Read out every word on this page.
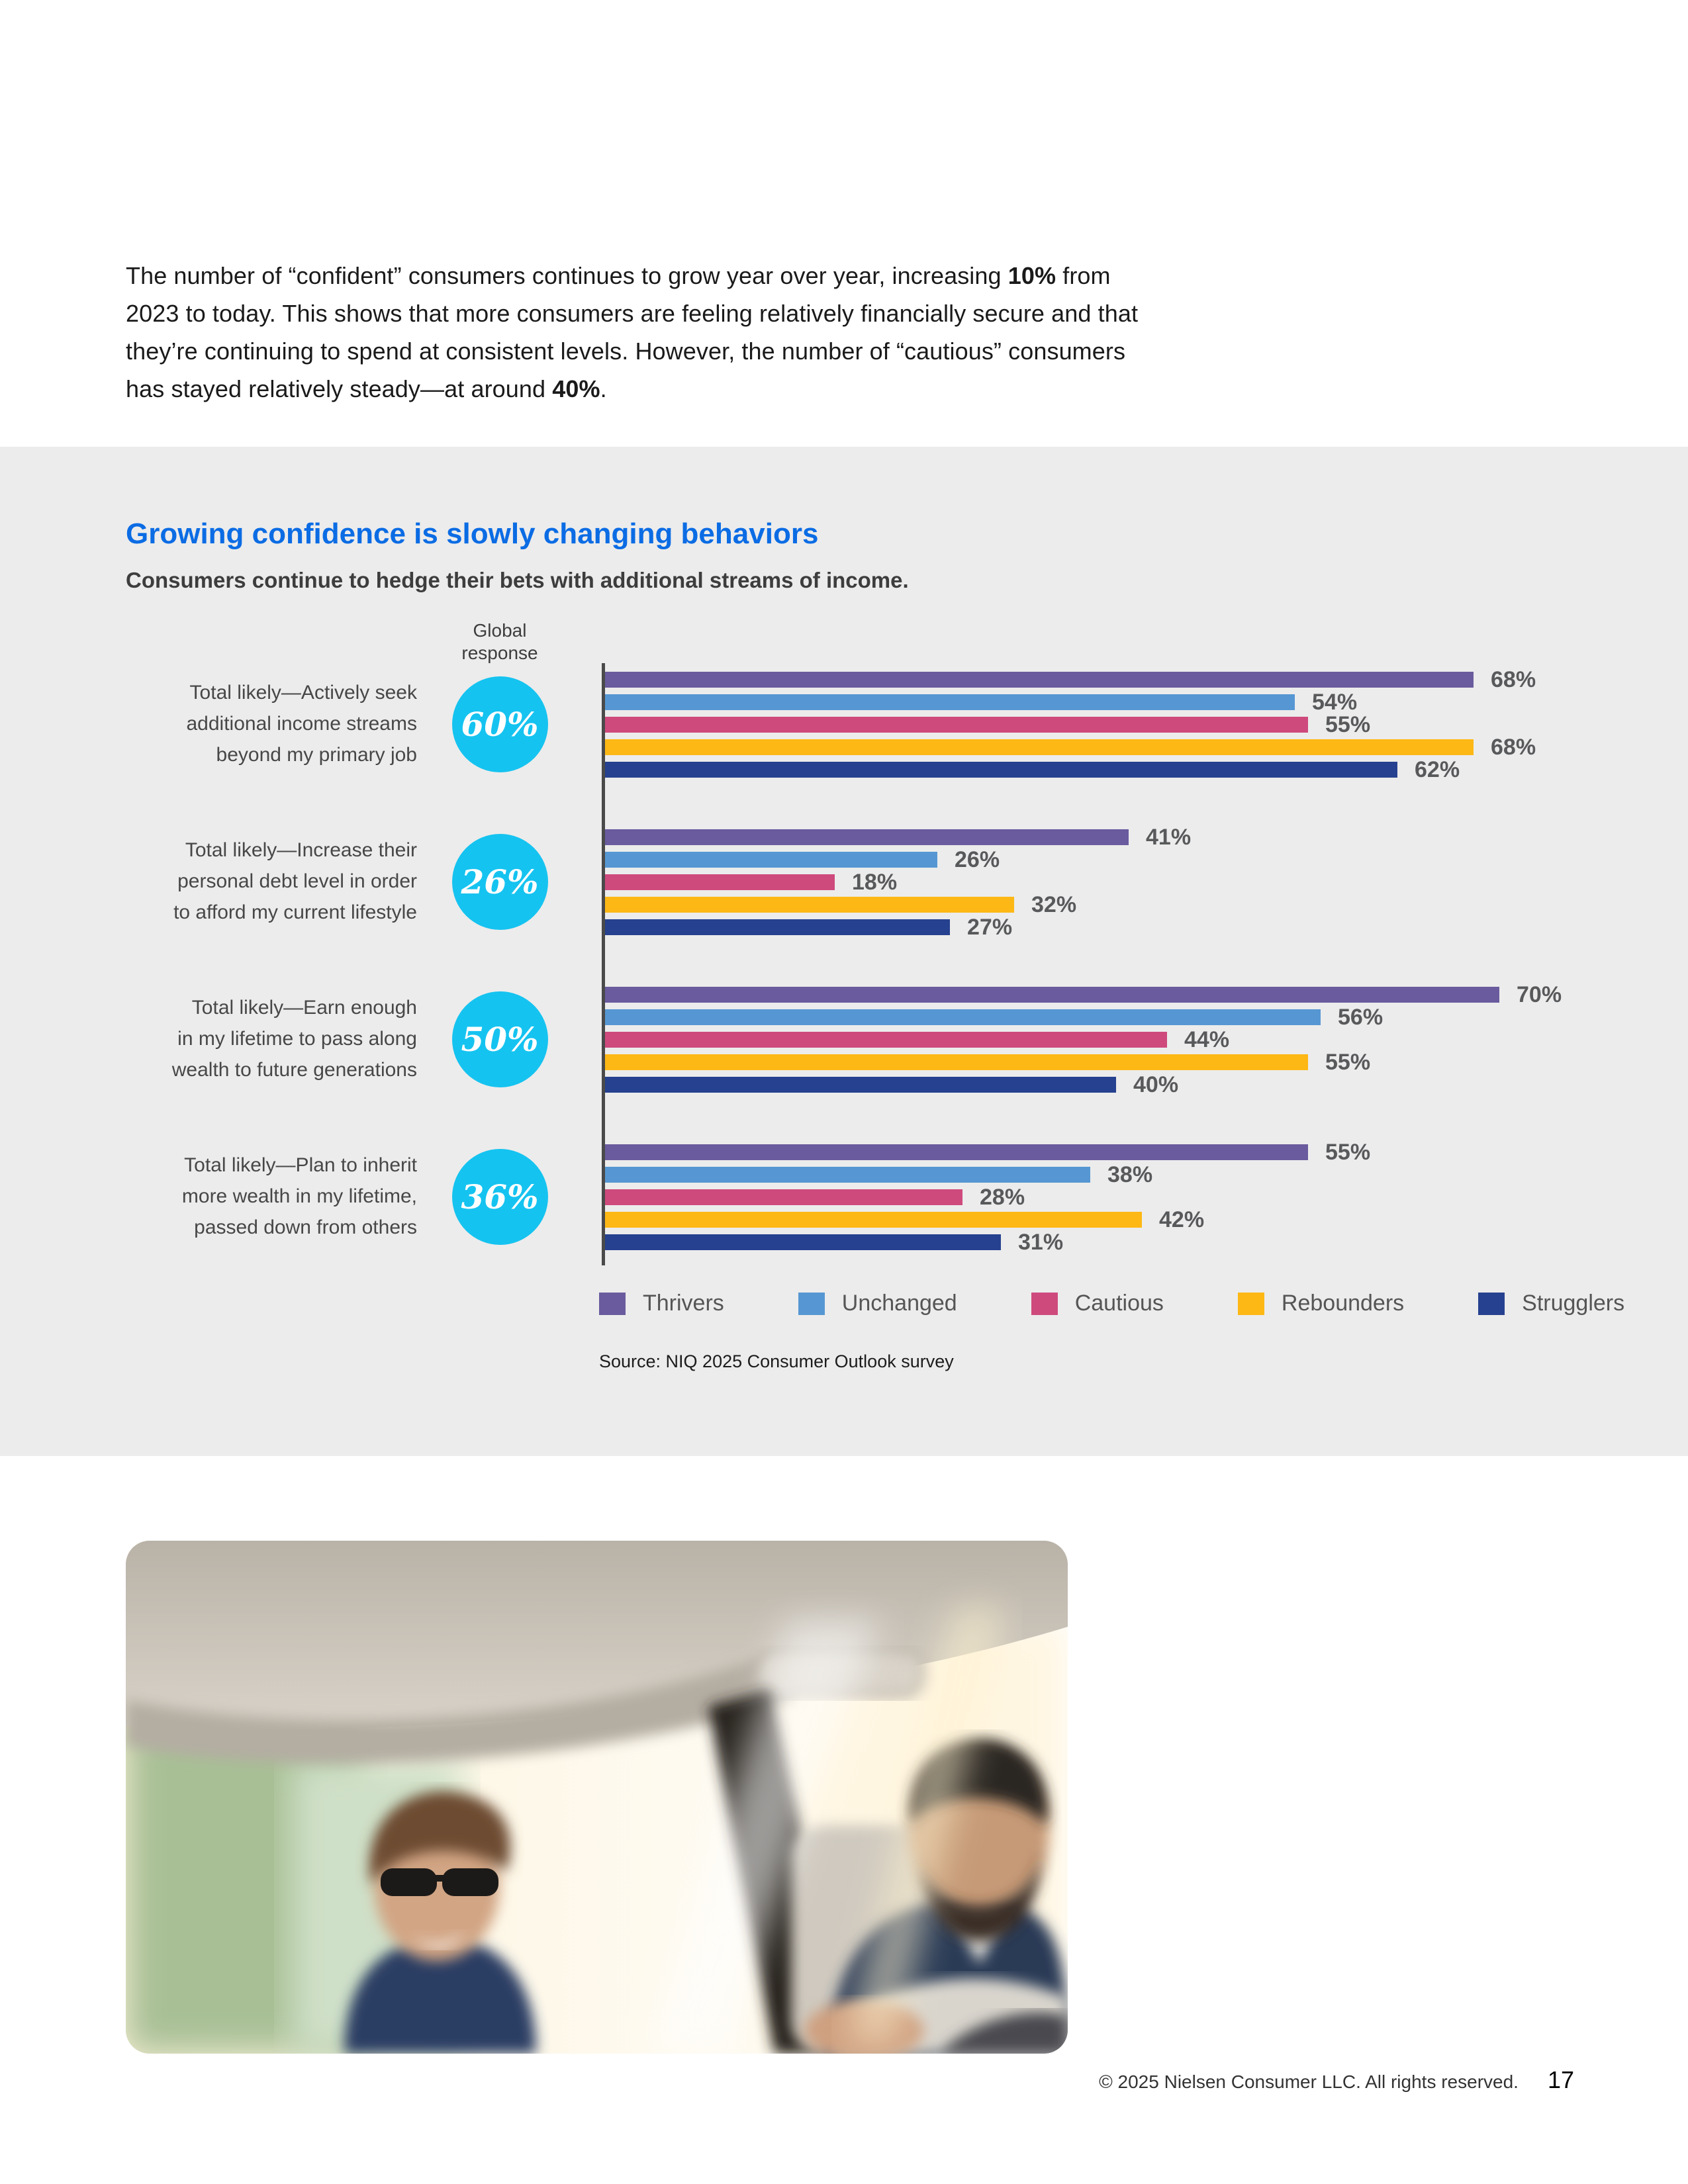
The number of “confident” consumers continues to grow year over year, increasing 10% from 2023 to today. This shows that more consumers are feeling relatively financially secure and that they’re continuing to spend at consistent levels. However, the number of “cautious” consumers has stayed relatively steady—at around 40%.

Growing confidence is slowly changing behaviors
Consumers continue to hedge their bets with additional streams of income.
Global
response
Total likely—Actively seek
additional income streams
beyond my primary job
60%
68%
54%
55%
68%
62%
Total likely—Increase their
personal debt level in order
to afford my current lifestyle
26%
41%
26%
18%
32%
27%
Total likely—Earn enough
in my lifetime to pass along
wealth to future generations
50%
70%
56%
44%
55%
40%
Total likely—Plan to inherit
more wealth in my lifetime,
passed down from others
36%
55%
38%
28%
42%
31%
Thrivers	Unchanged	Cautious	Rebounders	Strugglers
Source: NIQ 2025 Consumer Outlook survey
© 2025 Nielsen Consumer LLC. All rights reserved. 17
